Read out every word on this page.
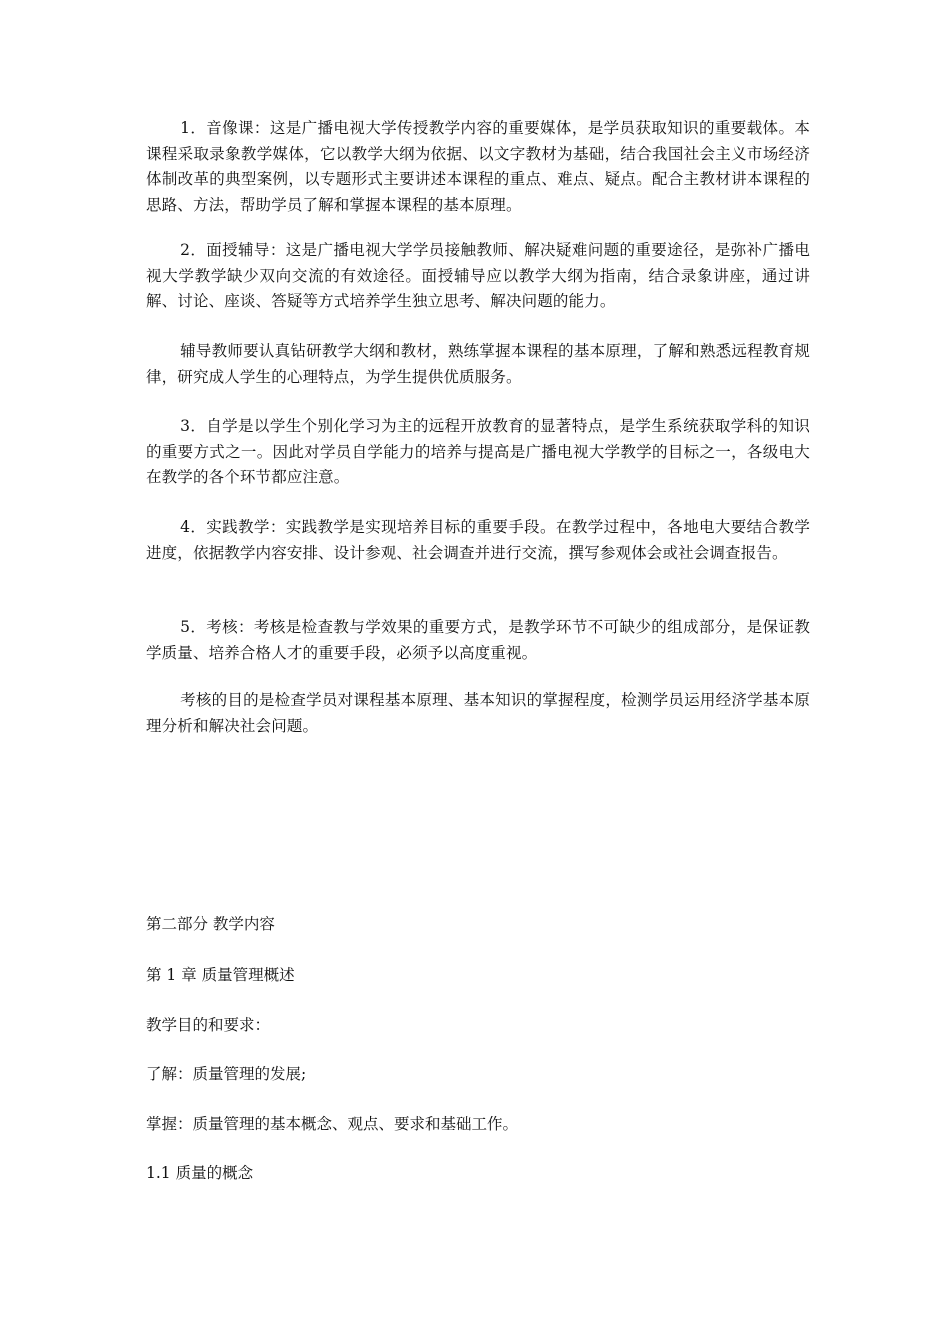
1．音像课：这是广播电视大学传授教学内容的重要媒体，是学员获取知识的重要载体。本课程采取录象教学媒体，它以教学大纲为依据、以文字教材为基础，结合我国社会主义市场经济体制改革的典型案例，以专题形式主要讲述本课程的重点、难点、疑点。配合主教材讲本课程的思路、方法，帮助学员了解和掌握本课程的基本原理。

2．面授辅导：这是广播电视大学学员接触教师、解决疑难问题的重要途径，是弥补广播电视大学教学缺少双向交流的有效途径。面授辅导应以教学大纲为指南，结合录象讲座，通过讲解、讨论、座谈、答疑等方式培养学生独立思考、解决问题的能力。

辅导教师要认真钻研教学大纲和教材，熟练掌握本课程的基本原理，了解和熟悉远程教育规律，研究成人学生的心理特点，为学生提供优质服务。

3．自学是以学生个别化学习为主的远程开放教育的显著特点，是学生系统获取学科的知识的重要方式之一。因此对学员自学能力的培养与提高是广播电视大学教学的目标之一，各级电大在教学的各个环节都应注意。

4．实践教学：实践教学是实现培养目标的重要手段。在教学过程中，各地电大要结合教学进度，依据教学内容安排、设计参观、社会调查并进行交流，撰写参观体会或社会调查报告。

5．考核：考核是检查教与学效果的重要方式，是教学环节不可缺少的组成部分，是保证教学质量、培养合格人才的重要手段，必须予以高度重视。

考核的目的是检查学员对课程基本原理、基本知识的掌握程度，检测学员运用经济学基本原理分析和解决社会问题。

第二部分 教学内容

第 1 章 质量管理概述

教学目的和要求：

了解：质量管理的发展;

掌握：质量管理的基本概念、观点、要求和基础工作。

1.1 质量的概念
